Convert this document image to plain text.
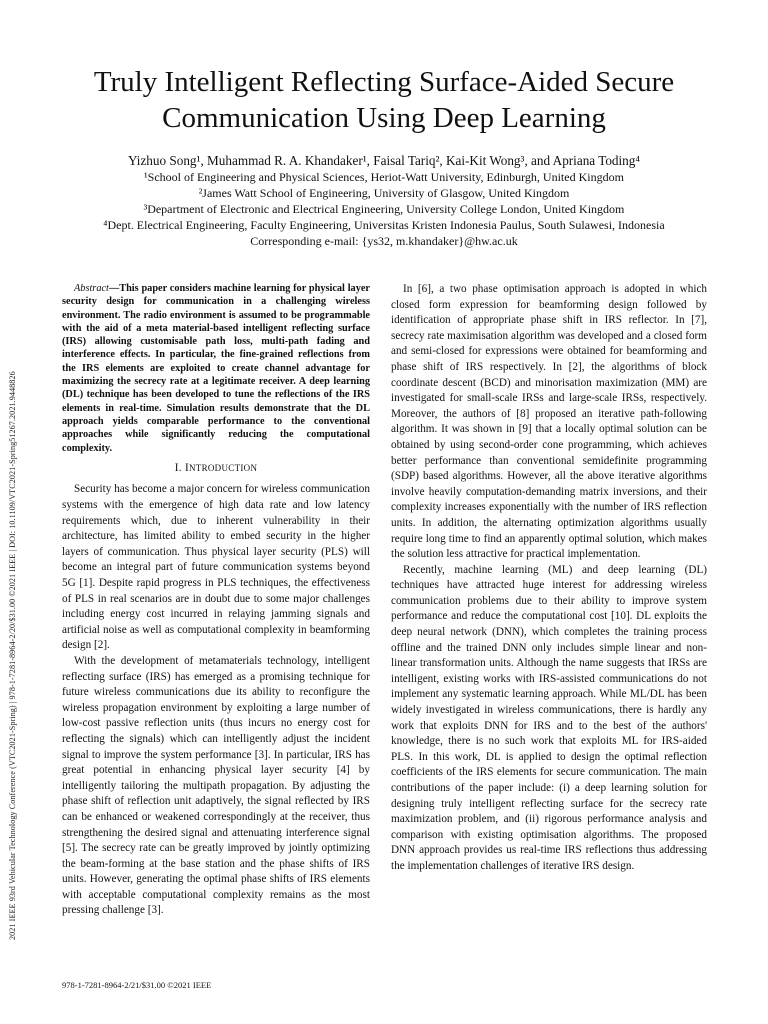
2021 IEEE 93rd Vehicular Technology Conference (VTC2021-Spring) | 978-1-7281-8964-2/20/$31.00 ©2021 IEEE | DOI: 10.1109/VTC2021-Spring51267.2021.9448826
Truly Intelligent Reflecting Surface-Aided Secure
Communication Using Deep Learning
Yizhuo Song¹, Muhammad R. A. Khandaker¹, Faisal Tariq², Kai-Kit Wong³, and Apriana Toding⁴
¹School of Engineering and Physical Sciences, Heriot-Watt University, Edinburgh, United Kingdom
²James Watt School of Engineering, University of Glasgow, United Kingdom
³Department of Electronic and Electrical Engineering, University College London, United Kingdom
⁴Dept. Electrical Engineering, Faculty Engineering, Universitas Kristen Indonesia Paulus, South Sulawesi, Indonesia
Corresponding e-mail: {ys32, m.khandaker}@hw.ac.uk

Abstract—This paper considers machine learning for physical layer security design for communication in a challenging wireless environment. The radio environment is assumed to be programmable with the aid of a meta material-based intelligent reflecting surface (IRS) allowing customisable path loss, multi-path fading and interference effects. In particular, the fine-grained reflections from the IRS elements are exploited to create channel advantage for maximizing the secrecy rate at a legitimate receiver. A deep learning (DL) technique has been developed to tune the reflections of the IRS elements in real-time. Simulation results demonstrate that the DL approach yields comparable performance to the conventional approaches while significantly reducing the computational complexity.

I. INTRODUCTION

Security has become a major concern for wireless communication systems with the emergence of high data rate and low latency requirements which, due to inherent vulnerability in their architecture, has limited ability to embed security in the higher layers of communication. Thus physical layer security (PLS) will become an integral part of future communication systems beyond 5G [1]. Despite rapid progress in PLS techniques, the effectiveness of PLS in real scenarios are in doubt due to some major challenges including energy cost incurred in relaying jamming signals and artificial noise as well as computational complexity in beamforming design [2].

With the development of metamaterials technology, intelligent reflecting surface (IRS) has emerged as a promising technique for future wireless communications due its ability to reconfigure the wireless propagation environment by exploiting a large number of low-cost passive reflection units (thus incurs no energy cost for reflecting the signals) which can intelligently adjust the incident signal to improve the system performance [3]. In particular, IRS has great potential in enhancing physical layer security [4] by intelligently tailoring the multipath propagation. By adjusting the phase shift of reflection unit adaptively, the signal reflected by IRS can be enhanced or weakened correspondingly at the receiver, thus strengthening the desired signal and attenuating interference signal [5]. The secrecy rate can be greatly improved by jointly optimizing the beam-forming at the base station and the phase shifts of IRS units. However, generating the optimal phase shifts of IRS elements with acceptable computational complexity remains as the most pressing challenge [3].

In [6], a two phase optimisation approach is adopted in which closed form expression for beamforming design followed by identification of appropriate phase shift in IRS reflector. In [7], secrecy rate maximisation algorithm was developed and a closed form and semi-closed for expressions were obtained for beamforming and phase shift of IRS respectively. In [2], the algorithms of block coordinate descent (BCD) and minorisation maximization (MM) are investigated for small-scale IRSs and large-scale IRSs, respectively. Moreover, the authors of [8] proposed an iterative path-following algorithm. It was shown in [9] that a locally optimal solution can be obtained by using second-order cone programming, which achieves better performance than conventional semidefinite programming (SDP) based algorithms. However, all the above iterative algorithms involve heavily computation-demanding matrix inversions, and their complexity increases exponentially with the number of IRS reflection units. In addition, the alternating optimization algorithms usually require long time to find an apparently optimal solution, which makes the solution less attractive for practical implementation.

Recently, machine learning (ML) and deep learning (DL) techniques have attracted huge interest for addressing wireless communication problems due to their ability to improve system performance and reduce the computational cost [10]. DL exploits the deep neural network (DNN), which completes the training process offline and the trained DNN only includes simple linear and non-linear transformation units. Although the name suggests that IRSs are intelligent, existing works with IRS-assisted communications do not implement any systematic learning approach. While ML/DL has been widely investigated in wireless communications, there is hardly any work that exploits DNN for IRS and to the best of the authors' knowledge, there is no such work that exploits ML for IRS-aided PLS. In this work, DL is applied to design the optimal reflection coefficients of the IRS elements for secure communication. The main contributions of the paper include: (i) a deep learning solution for designing truly intelligent reflecting surface for the secrecy rate maximization problem, and (ii) rigorous performance analysis and comparison with existing optimisation algorithms. The proposed DNN approach provides us real-time IRS reflections thus addressing the implementation challenges of iterative IRS design.

978-1-7281-8964-2/21/$31.00 ©2021 IEEE
